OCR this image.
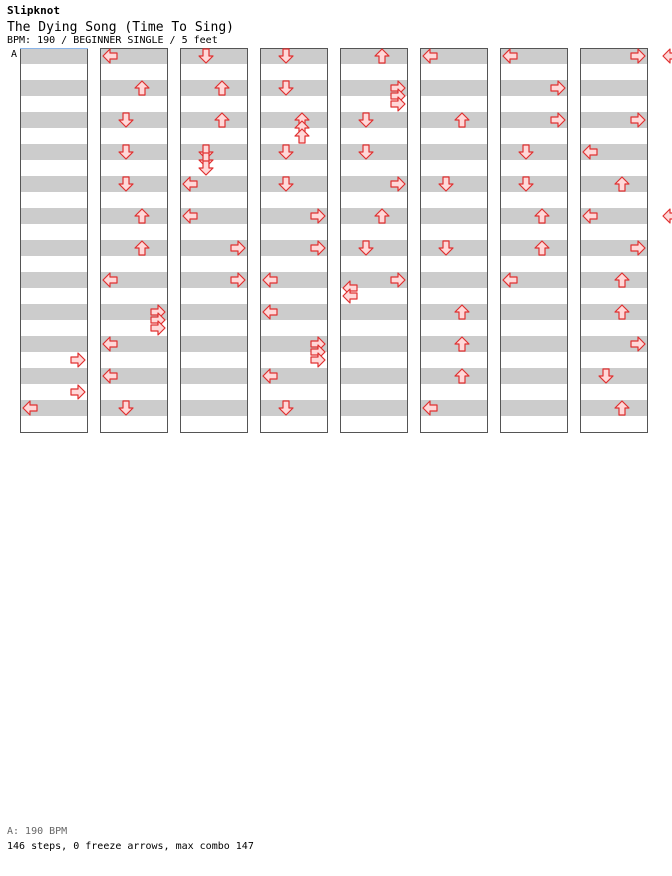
Slipknot
The Dying Song (Time To Sing)
BPM: 190 / BEGINNER SINGLE / 5 feet
A
A: 190 BPM
146 steps, 0 freeze arrows, max combo 147
